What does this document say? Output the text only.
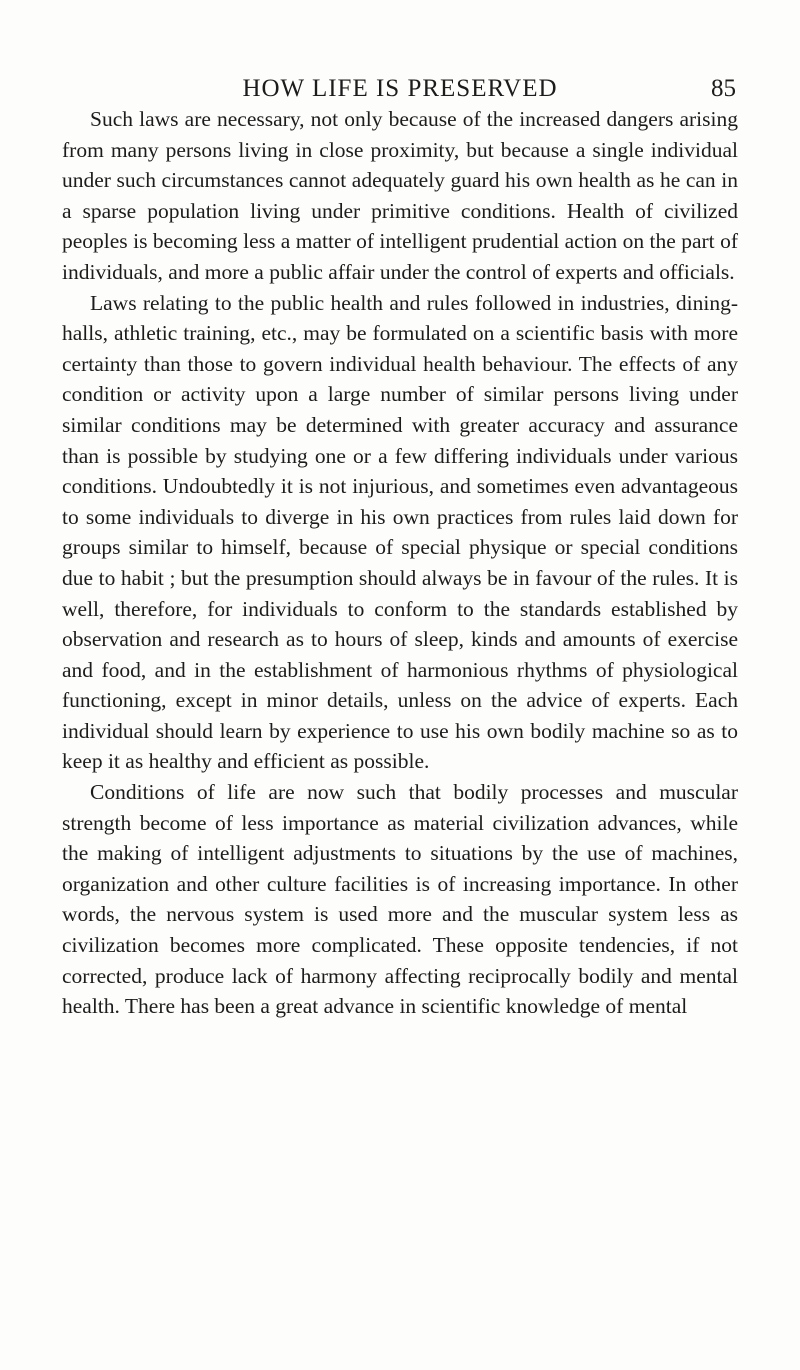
HOW LIFE IS PRESERVED	85

Such laws are necessary, not only because of the increased dangers arising from many persons living in close proximity, but because a single individual under such circumstances cannot adequately guard his own health as he can in a sparse population living under primitive conditions. Health of civilized peoples is becoming less a matter of intelligent prudential action on the part of individuals, and more a public affair under the control of experts and officials.

Laws relating to the public health and rules followed in industries, dining-halls, athletic training, etc., may be formulated on a scientific basis with more certainty than those to govern individual health behaviour. The effects of any condition or activity upon a large number of similar persons living under similar conditions may be determined with greater accuracy and assurance than is possible by studying one or a few differing individuals under various conditions. Undoubtedly it is not injurious, and sometimes even advantageous to some individuals to diverge in his own practices from rules laid down for groups similar to himself, because of special physique or special conditions due to habit ; but the presumption should always be in favour of the rules. It is well, therefore, for individuals to conform to the standards established by observation and research as to hours of sleep, kinds and amounts of exercise and food, and in the establishment of harmonious rhythms of physiological functioning, except in minor details, unless on the advice of experts. Each individual should learn by experience to use his own bodily machine so as to keep it as healthy and efficient as possible.

Conditions of life are now such that bodily processes and muscular strength become of less importance as material civilization advances, while the making of intelligent adjustments to situations by the use of machines, organization and other culture facilities is of increasing importance. In other words, the nervous system is used more and the muscular system less as civilization becomes more complicated. These opposite tendencies, if not corrected, produce lack of harmony affecting reciprocally bodily and mental health. There has been a great advance in scientific knowledge of mental
